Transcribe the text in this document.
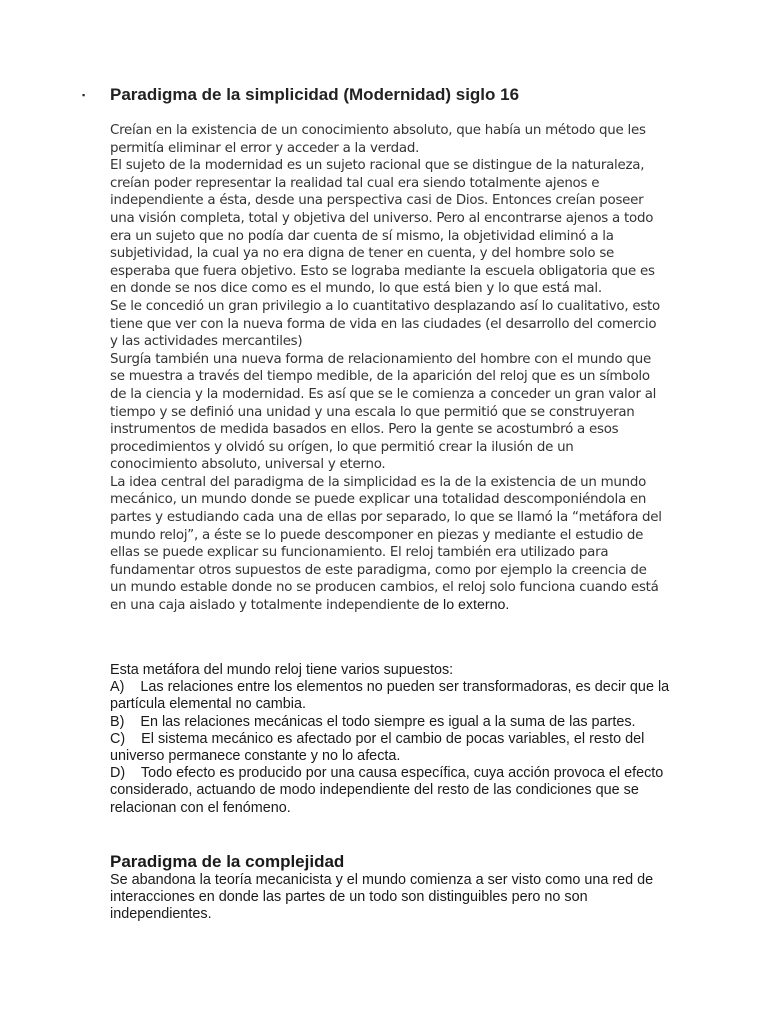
▪ Paradigma de la simplicidad (Modernidad) siglo 16

Creían en la existencia de un conocimiento absoluto, que había un método que les permitía eliminar el error y acceder a la verdad.

El sujeto de la modernidad es un sujeto racional que se distingue de la naturaleza, creían poder representar la realidad tal cual era siendo totalmente ajenos e independiente a ésta, desde una perspectiva casi de Dios. Entonces creían poseer una visión completa, total y objetiva del universo. Pero al encontrarse ajenos a todo era un sujeto que no podía dar cuenta de sí mismo, la objetividad eliminó a la subjetividad, la cual ya no era digna de tener en cuenta, y del hombre solo se esperaba que fuera objetivo. Esto se lograba mediante la escuela obligatoria que es en donde se nos dice como es el mundo, lo que está bien y lo que está mal.

Se le concedió un gran privilegio a lo cuantitativo desplazando así lo cualitativo, esto tiene que ver con la nueva forma de vida en las ciudades (el desarrollo del comercio y las actividades mercantiles)

Surgía también una nueva forma de relacionamiento del hombre con el mundo que se muestra a través del tiempo medible, de la aparición del reloj que es un símbolo de la ciencia y la modernidad. Es así que se le comienza a conceder un gran valor al tiempo y se definió una unidad y una escala lo que permitió que se construyeran instrumentos de medida basados en ellos. Pero la gente se acostumbró a esos procedimientos y olvidó su orígen, lo que permitió crear la ilusión de un conocimiento absoluto, universal y eterno.

La idea central del paradigma de la simplicidad es la de la existencia de un mundo mecánico, un mundo donde se puede explicar una totalidad descomponiéndola en partes y estudiando cada una de ellas por separado, lo que se llamó la “metáfora del mundo reloj”, a éste se lo puede descomponer en piezas y mediante el estudio de ellas se puede explicar su funcionamiento. El reloj también era utilizado para fundamentar otros supuestos de este paradigma, como por ejemplo la creencia de un mundo estable donde no se producen cambios, el reloj solo funciona cuando está en una caja aislado y totalmente independiente de lo externo.

Esta metáfora del mundo reloj tiene varios supuestos:

A)    Las relaciones entre los elementos no pueden ser transformadoras, es decir que la partícula elemental no cambia.

B)    En las relaciones mecánicas el todo siempre es igual a la suma de las partes.

C)    El sistema mecánico es afectado por el cambio de pocas variables, el resto del universo permanece constante y no lo afecta.

D)    Todo efecto es producido por una causa específica, cuya acción provoca el efecto considerado, actuando de modo independiente del resto de las condiciones que se relacionan con el fenómeno.

Paradigma de la complejidad

Se abandona la teoría mecanicista y el mundo comienza a ser visto como una red de interacciones en donde las partes de un todo son distinguibles pero no son independientes.
